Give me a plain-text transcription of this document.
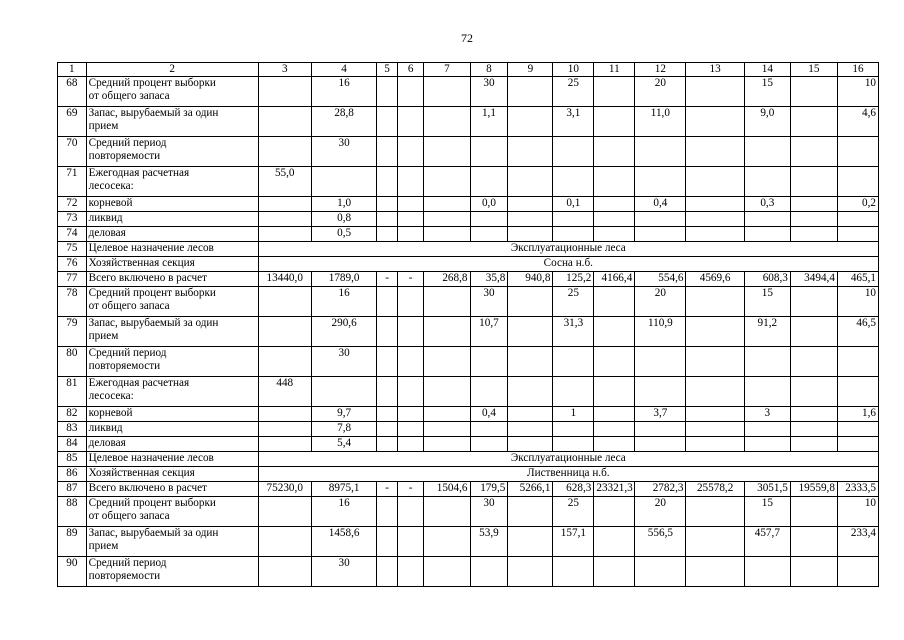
72
1	2	3	4	5	6	7	8	9	10	11	12	13	14	15	16
68	Средний процент выборки
от общего запаса		16				30		25		20		15		10
69	Запас, вырубаемый за один
прием		28,8				1,1		3,1		11,0		9,0		4,6
70	Средний период
повторяемости		30												
71	Ежегодная расчетная
лесосека:	55,0													
72	корневой		1,0				0,0		0,1		0,4		0,3		0,2
73	ликвид		0,8												
74	деловая		0,5												
75	Целевое назначение лесов	Эксплуатационные леса													
76	Хозяйственная секция	Сосна н.б.													
77	Всего включено в расчет	13440,0	1789,0	-	-	268,8	35,8	940,8	125,2	4166,4	554,6	4569,6	608,3	3494,4	465,1
78	Средний процент выборки
от общего запаса		16				30		25		20		15		10
79	Запас, вырубаемый за один
прием		290,6				10,7		31,3		110,9		91,2		46,5
80	Средний период
повторяемости		30												
81	Ежегодная расчетная
лесосека:	448													
82	корневой		9,7				0,4		1		3,7		3		1,6
83	ликвид		7,8												
84	деловая		5,4												
85	Целевое назначение лесов	Эксплуатационные леса													
86	Хозяйственная секция	Лиственница н.б.													
87	Всего включено в расчет	75230,0	8975,1	-	-	1504,6	179,5	5266,1	628,3	23321,3	2782,3	25578,2	3051,5	19559,8	2333,5
88	Средний процент выборки
от общего запаса		16				30		25		20		15		10
89	Запас, вырубаемый за один
прием		1458,6				53,9		157,1		556,5		457,7		233,4
90	Средний период
повторяемости		30												
